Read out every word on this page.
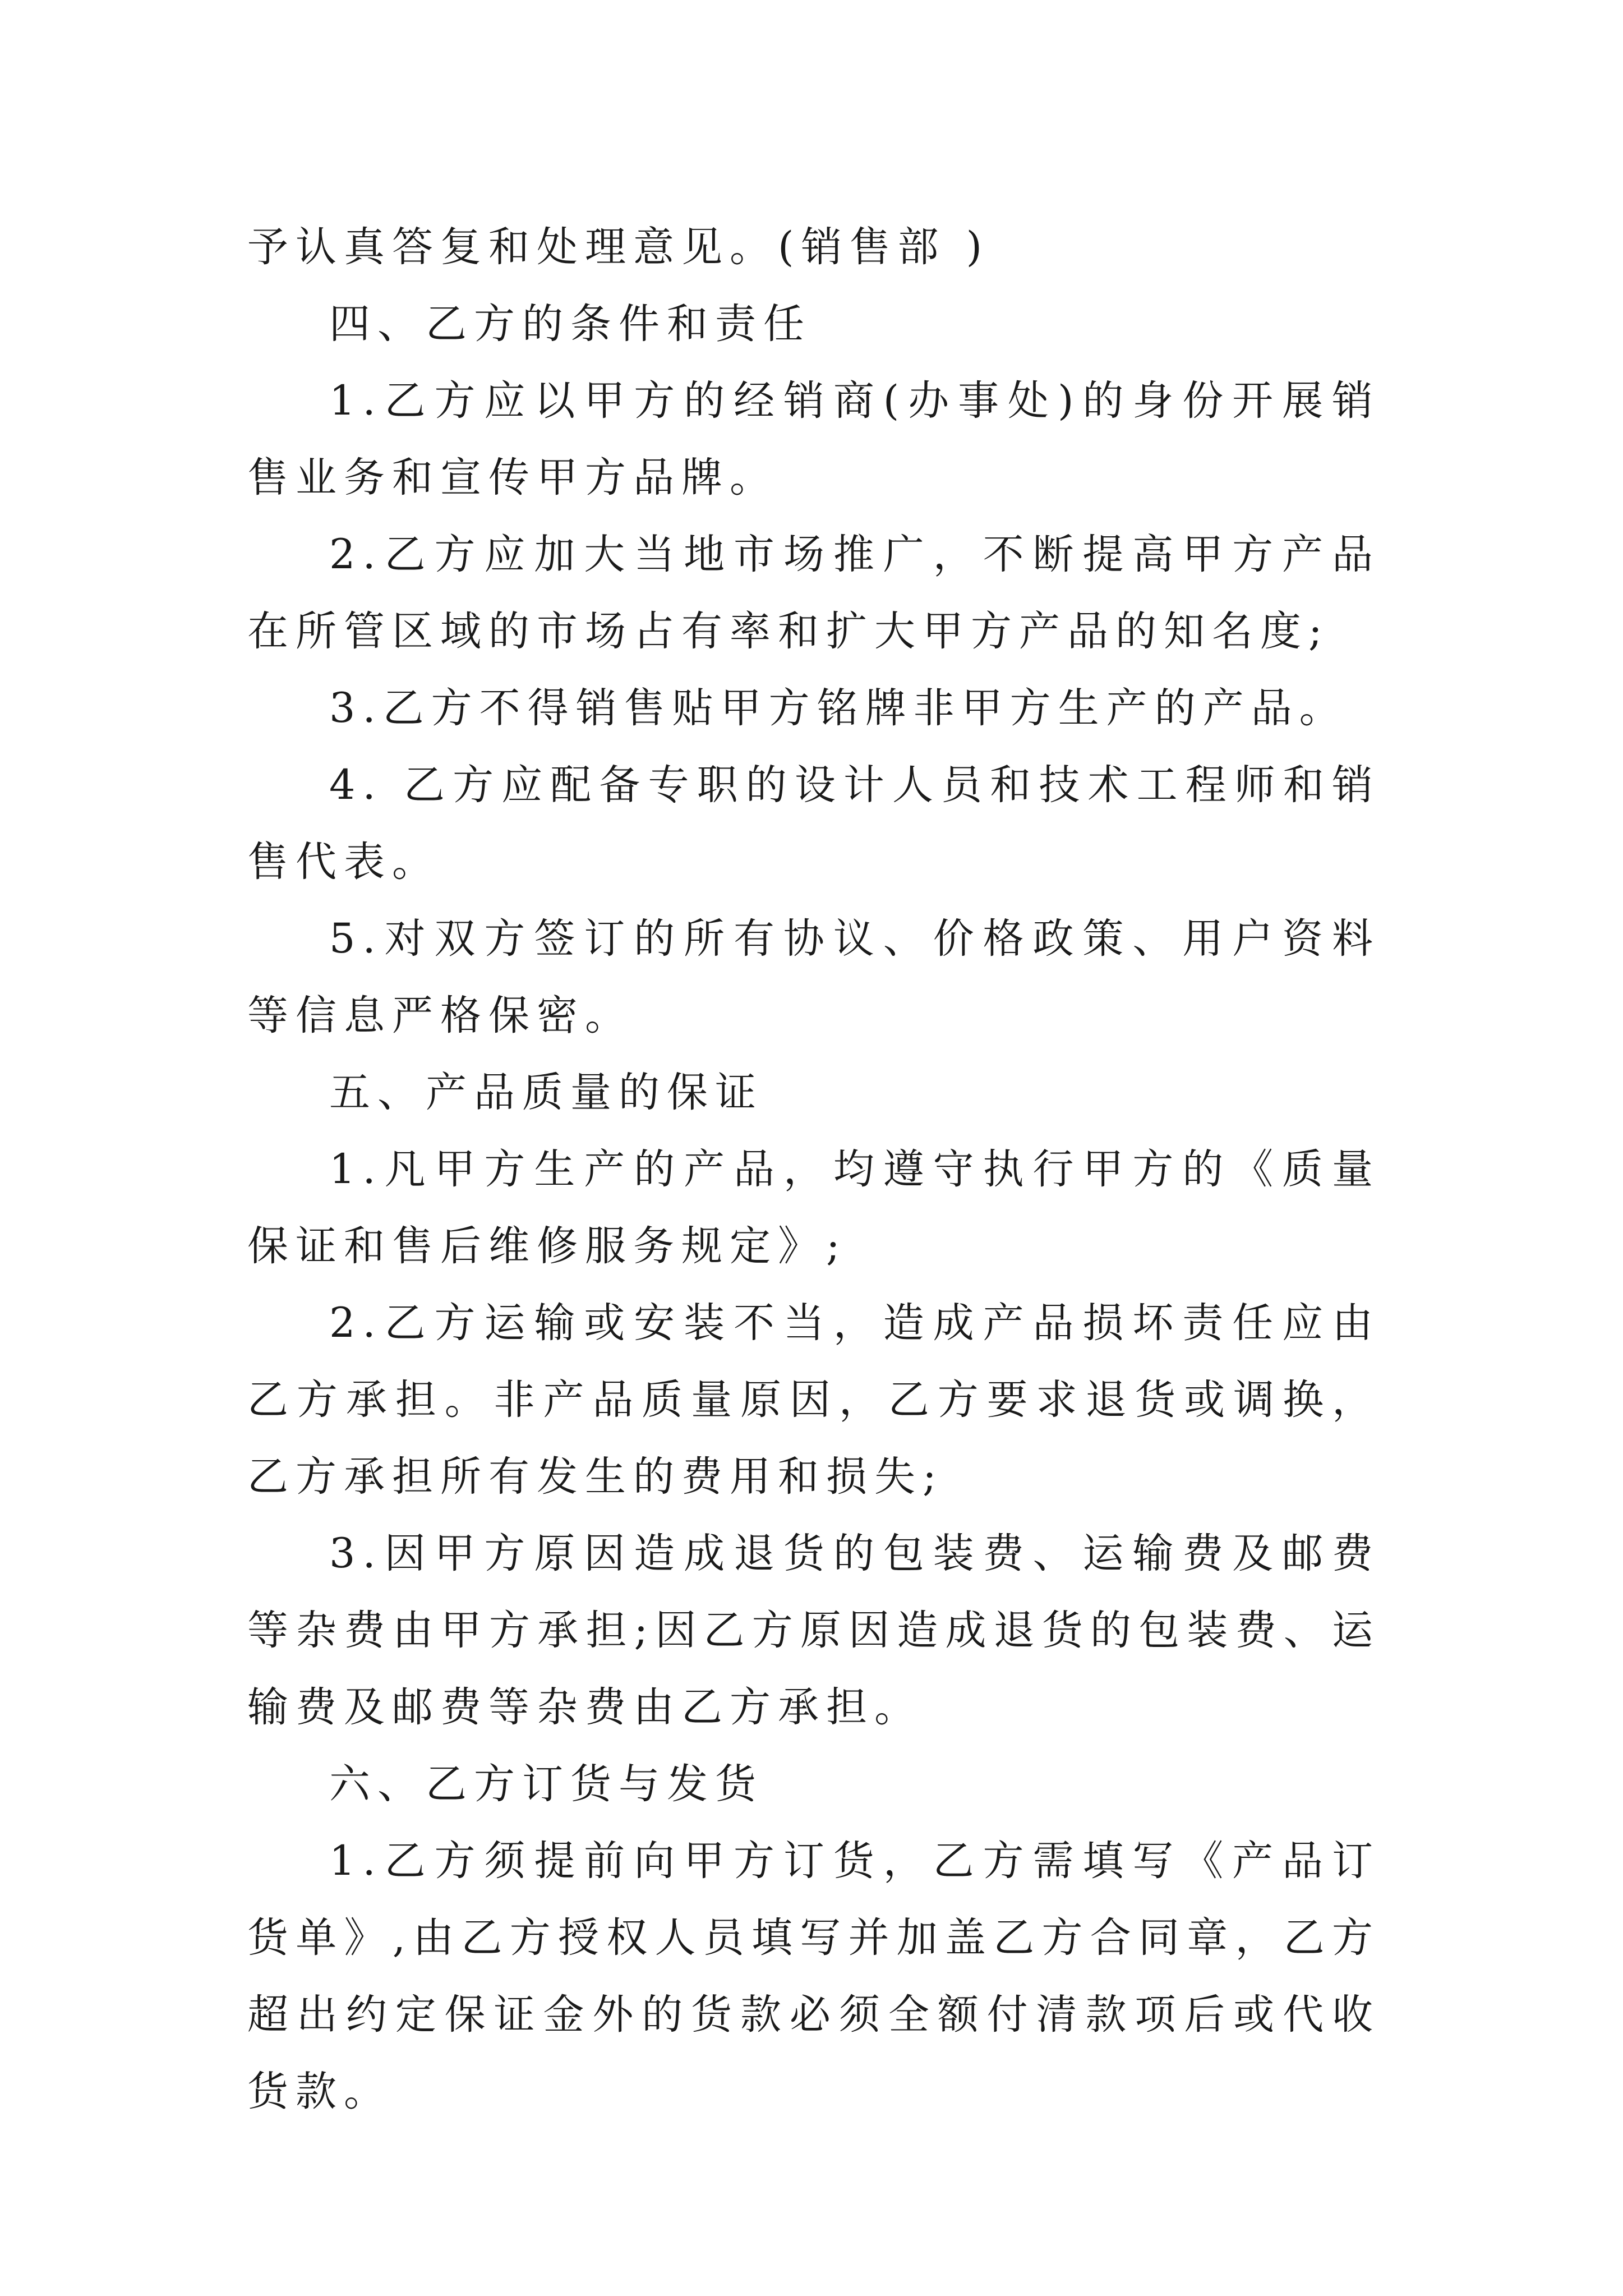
予认真答复和处理意见。(销售部 )

四、乙方的条件和责任

1.乙方应以甲方的经销商(办事处)的身份开展销售业务和宣传甲方品牌。

2.乙方应加大当地市场推广，不断提高甲方产品在所管区域的市场占有率和扩大甲方产品的知名度;

3.乙方不得销售贴甲方铭牌非甲方生产的产品。

4. 乙方应配备专职的设计人员和技术工程师和销售代表。

5.对双方签订的所有协议、价格政策、用户资料等信息严格保密。

五、产品质量的保证

1.凡甲方生产的产品，均遵守执行甲方的《质量保证和售后维修服务规定》;

2.乙方运输或安装不当，造成产品损坏责任应由乙方承担。非产品质量原因，乙方要求退货或调换，乙方承担所有发生的费用和损失;

3.因甲方原因造成退货的包装费、运输费及邮费等杂费由甲方承担;因乙方原因造成退货的包装费、运输费及邮费等杂费由乙方承担。

六、乙方订货与发货

1.乙方须提前向甲方订货，乙方需填写《产品订货单》,由乙方授权人员填写并加盖乙方合同章，乙方超出约定保证金外的货款必须全额付清款项后或代收货款。
